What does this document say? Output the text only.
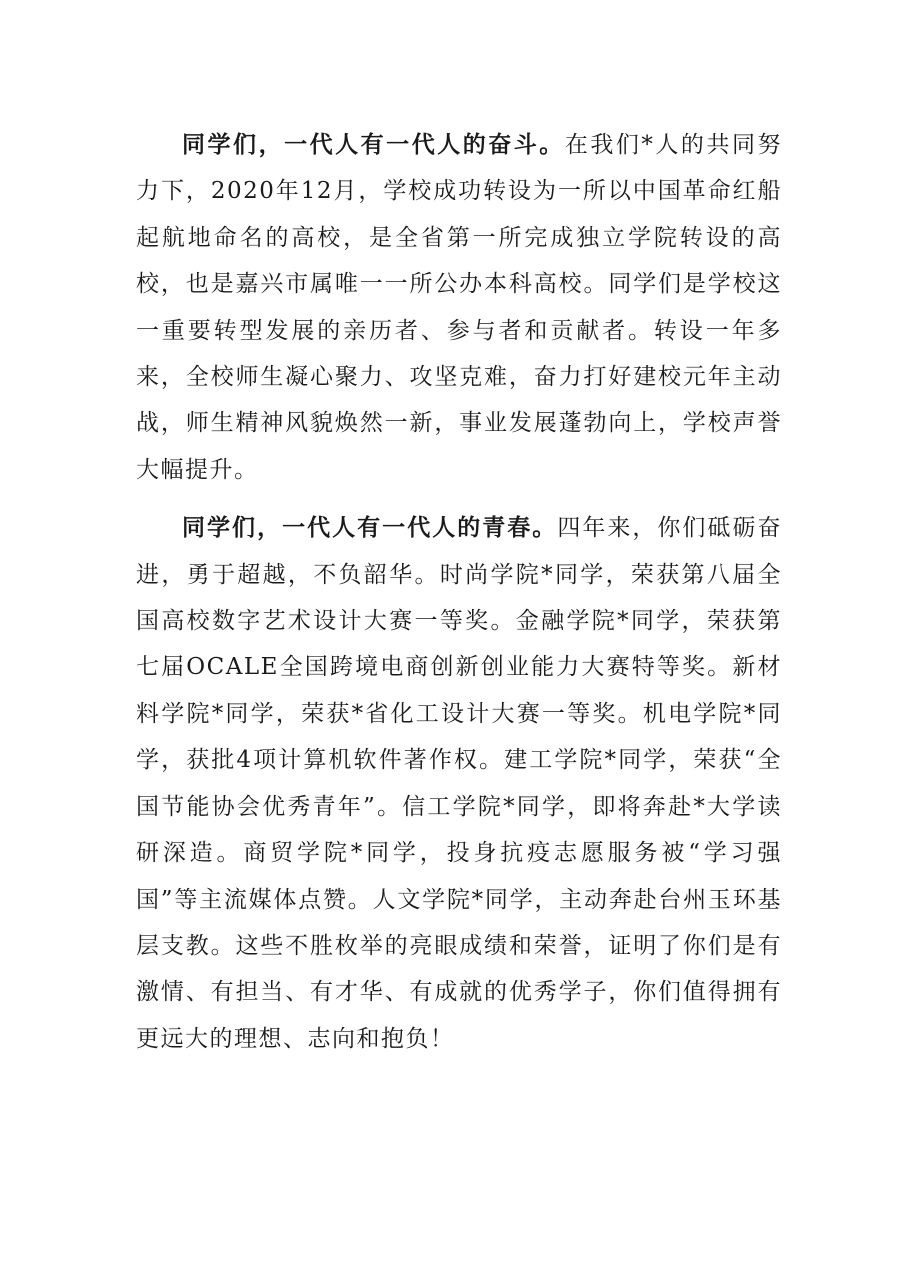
同学们，一代人有一代人的奋斗。在我们*人的共同努力下，2020年12月，学校成功转设为一所以中国革命红船起航地命名的高校，是全省第一所完成独立学院转设的高校，也是嘉兴市属唯一一所公办本科高校。同学们是学校这一重要转型发展的亲历者、参与者和贡献者。转设一年多来，全校师生凝心聚力、攻坚克难，奋力打好建校元年主动战，师生精神风貌焕然一新，事业发展蓬勃向上，学校声誉大幅提升。

同学们，一代人有一代人的青春。四年来，你们砥砺奋进，勇于超越，不负韶华。时尚学院*同学，荣获第八届全国高校数字艺术设计大赛一等奖。金融学院*同学，荣获第七届OCALE全国跨境电商创新创业能力大赛特等奖。新材料学院*同学，荣获*省化工设计大赛一等奖。机电学院*同学，获批4项计算机软件著作权。建工学院*同学，荣获“全国节能协会优秀青年”。信工学院*同学，即将奔赴*大学读研深造。商贸学院*同学，投身抗疫志愿服务被“学习强国”等主流媒体点赞。人文学院*同学，主动奔赴台州玉环基层支教。这些不胜枚举的亮眼成绩和荣誉，证明了你们是有激情、有担当、有才华、有成就的优秀学子，你们值得拥有更远大的理想、志向和抱负！
